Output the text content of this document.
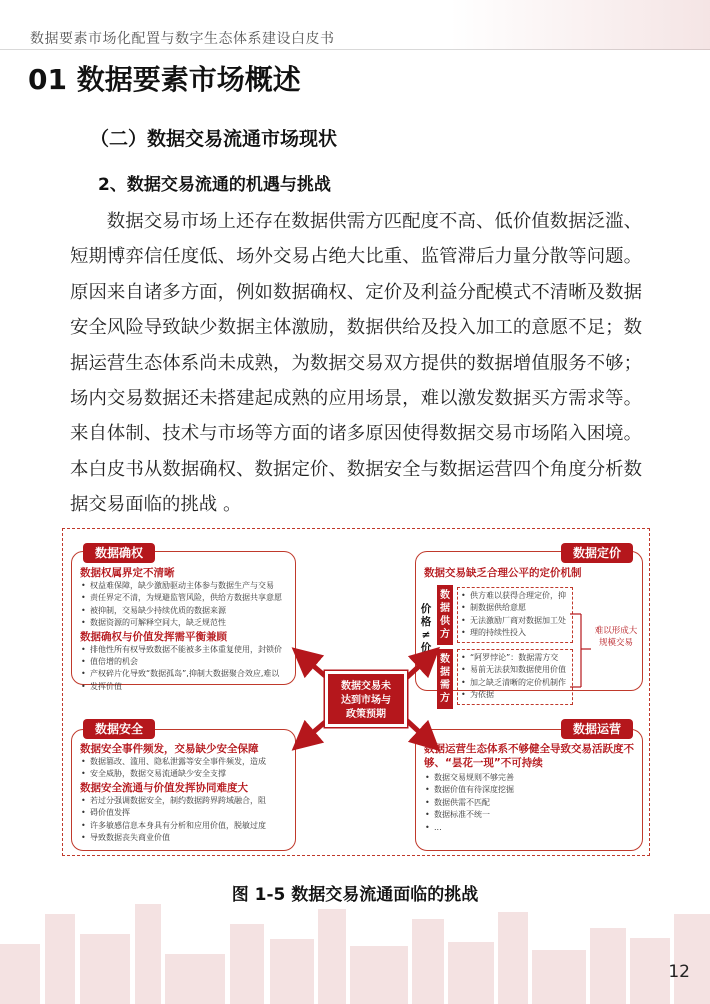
数据要素市场化配置与数字生态体系建设白皮书
01 数据要素市场概述
（二）数据交易流通市场现状
2、数据交易流通的机遇与挑战

数据交易市场上还存在数据供需方匹配度不高、低价值数据泛滥、短期博弈信任度低、场外交易占绝大比重、监管滞后力量分散等问题。原因来自诸多方面，例如数据确权、定价及利益分配模式不清晰及数据安全风险导致缺少数据主体激励，数据供给及投入加工的意愿不足；数据运营生态体系尚未成熟，为数据交易双方提供的数据增值服务不够；场内交易数据还未搭建起成熟的应用场景，难以激发数据买方需求等。来自体制、技术与市场等方面的诸多原因使得数据交易市场陷入困境。本白皮书从数据确权、数据定价、数据安全与数据运营四个角度分析数据交易面临的挑战 。

数据交易未
达到市场与
政策预期
数据权属界定不清晰
• 权益难保障，缺少激励驱动主体参与数据生产与交易
• 责任界定不清，为规避监管风险，供给方数据共享意愿
• 被抑制，交易缺少持续优质的数据来源
• 数据资源的可解释空间大，缺乏规范性
数据确权与价值发挥需平衡兼顾
• 排他性所有权导致数据不能被多主体重复使用，封锁价
• 值倍增的机会
• 产权碎片化导致“数据孤岛”,抑制大数据聚合效应,难以
• 发挥价值
数据确权
数据交易缺乏合理公平的定价机制
数据定价
价格
≠
价值
数据供方
数据需方
• 供方难以获得合理定价，抑
• 制数据供给意愿
• 无法激励厂商对数据加工处
• 理的持续性投入
• “阿罗悖论”：数据需方交
• 易前无法获知数据使用价值
• 加之缺乏清晰的定价机制作
• 为依据
难以形成大规模交易
数据安全事件频发，交易缺少安全保障
• 数据篡改、滥用、隐私泄露等安全事件频发，造成
• 安全威胁，数据交易流通缺少安全支撑
数据安全流通与价值发挥协同难度大
• 若过分强调数据安全，制约数据跨界跨域融合，阻
• 碍价值发挥
• 许多敏感信息本身具有分析和应用价值，脱敏过度
• 导致数据丧失商业价值
数据安全
数据运营生态体系不够健全导致交易活跃度不够、“昙花一现”不可持续
• 数据交易规则不够完善
• 数据价值有待深度挖掘
• 数据供需不匹配
• 数据标准不统一
• ...
数据运营
图 1-5 数据交易流通面临的挑战
12
